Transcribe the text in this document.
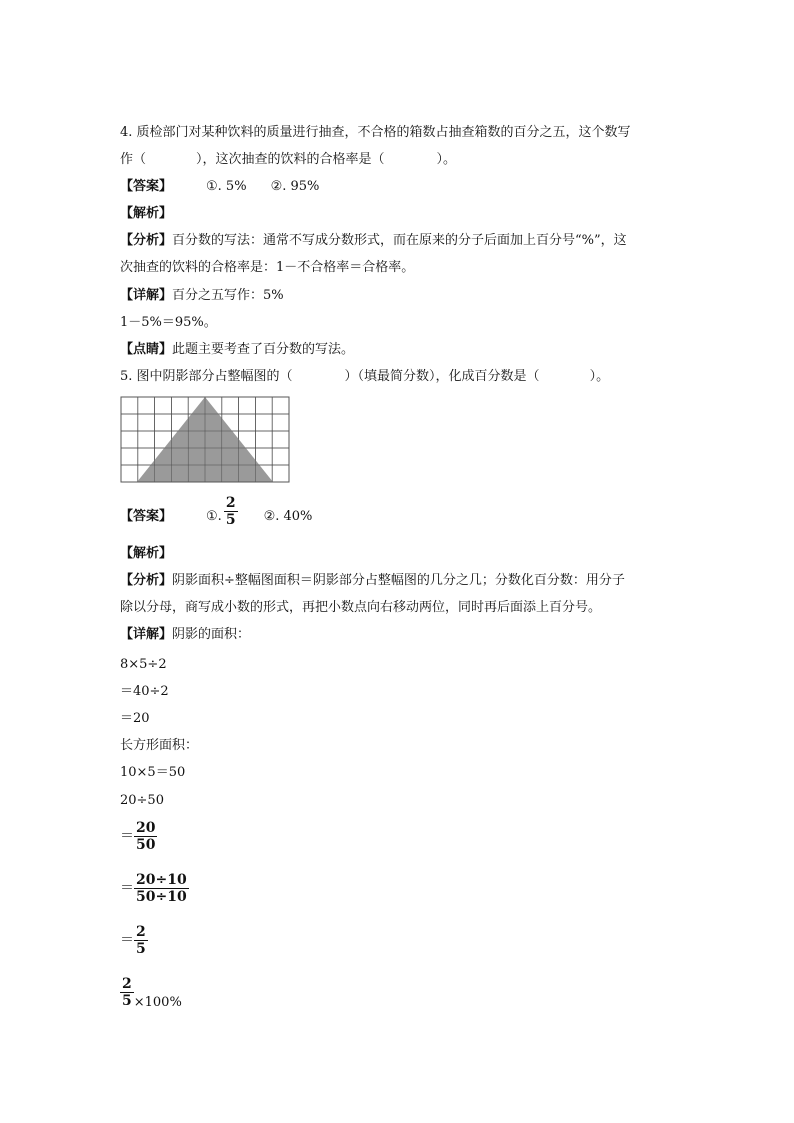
4. 质检部门对某种饮料的质量进行抽查，不合格的箱数占抽查箱数的百分之五，这个数写
作（	），这次抽查的饮料的合格率是（	）。
【答案】	①. 5% ②. 95%
【解析】
【分析】百分数的写法：通常不写成分数形式，而在原来的分子后面加上百分号“%”，这
次抽查的饮料的合格率是：1－不合格率＝合格率。
【详解】百分之五写作：5%
1－5%＝95%。
【点睛】此题主要考查了百分数的写法。
5. 图中阴影部分占整幅图的（	）（填最简分数），化成百分数是（	）。
【答案】	①. $\frac{2}{5}$ ②. 40%
【解析】
【分析】阴影面积÷整幅图面积＝阴影部分占整幅图的几分之几；分数化百分数：用分子
除以分母，商写成小数的形式，再把小数点向右移动两位，同时再后面添上百分号。
【详解】阴影的面积：
8×5÷2
＝40÷2
＝20
长方形面积：
10×5＝50
20÷50
＝ $\frac{20}{50}$
＝ $\frac{20\div 10}{50\div 10}$
＝ $\frac{2}{5}$
$\frac{2}{5} \times 100\%$
